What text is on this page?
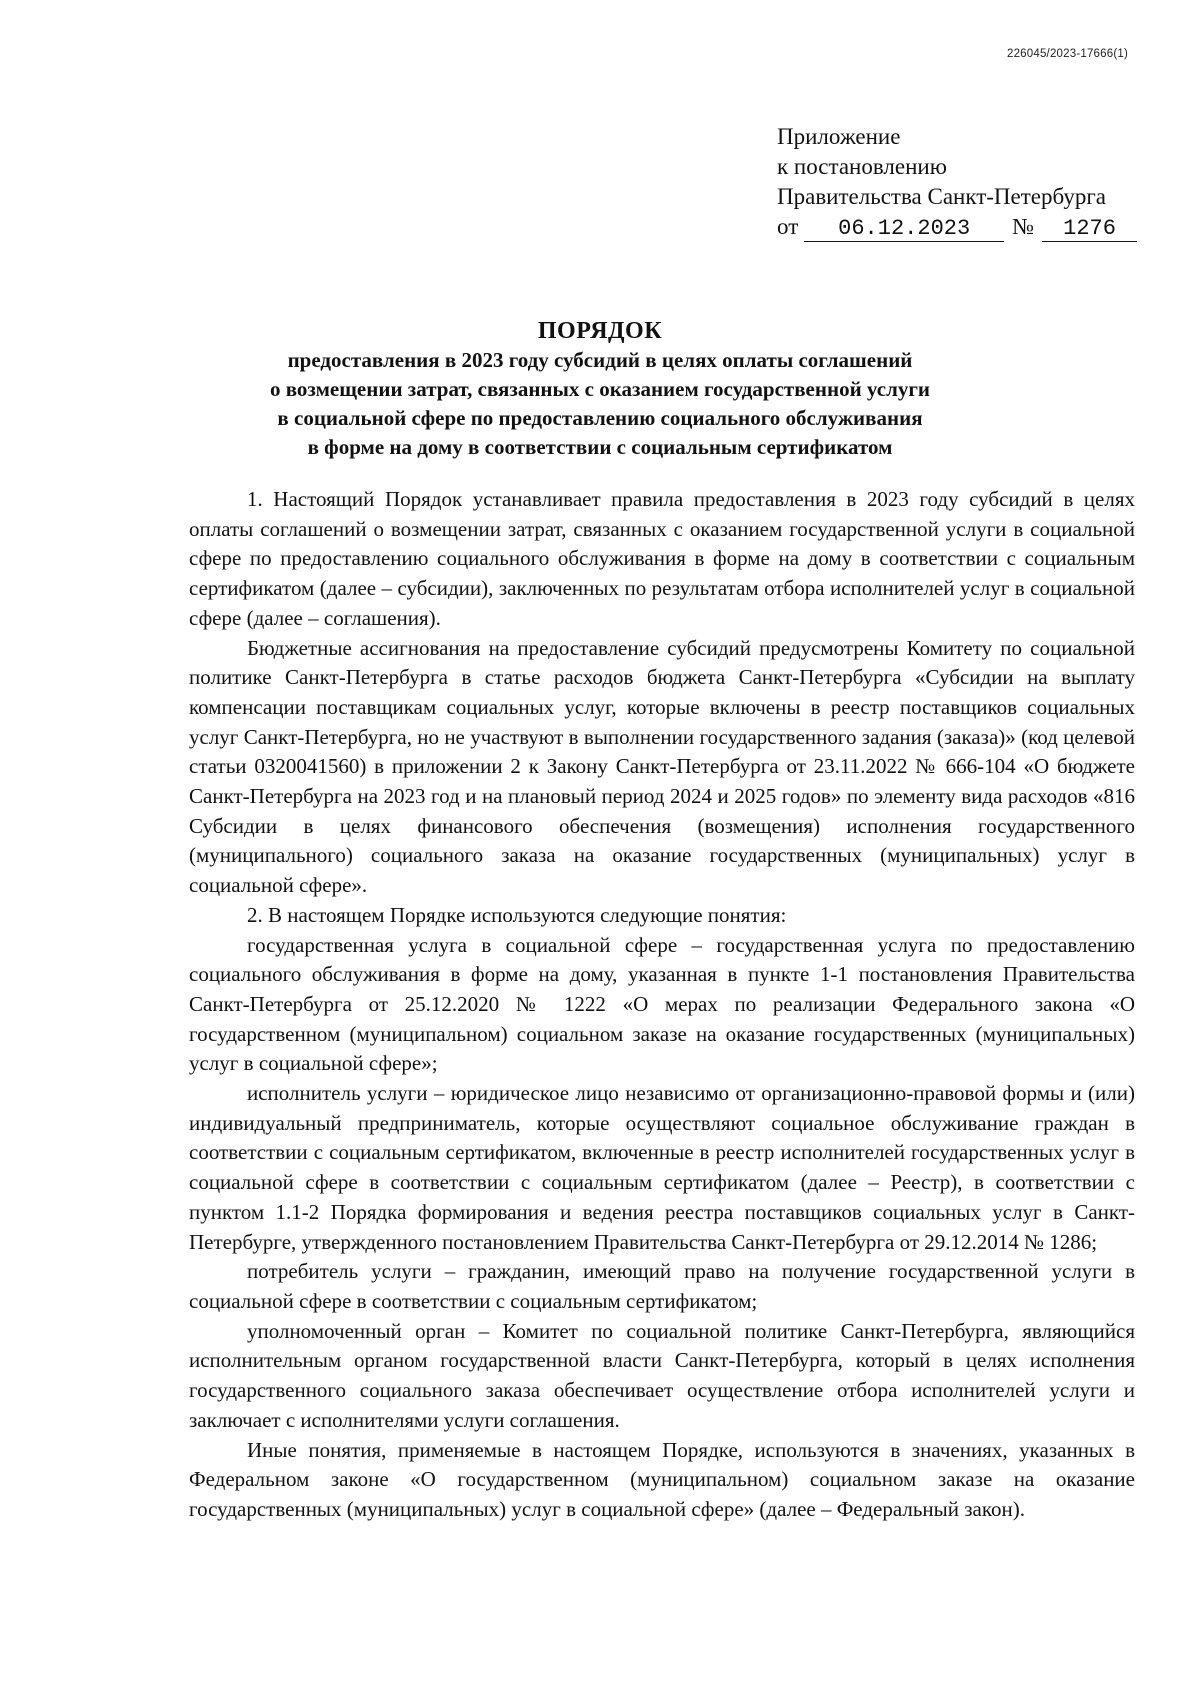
226045/2023-17666(1)
Приложение
к постановлению
Правительства Санкт-Петербурга
от	06.12.2023	№	1276
ПОРЯДОК
предоставления в 2023 году субсидий в целях оплаты соглашений
о возмещении затрат, связанных с оказанием государственной услуги
в социальной сфере по предоставлению социального обслуживания
в форме на дому в соответствии с социальным сертификатом

1. Настоящий Порядок устанавливает правила предоставления в 2023 году субсидий в целях оплаты соглашений о возмещении затрат, связанных с оказанием государственной услуги в социальной сфере по предоставлению социального обслуживания в форме на дому в соответствии с социальным сертификатом (далее – субсидии), заключенных по результатам отбора исполнителей услуг в социальной сфере (далее – соглашения).

Бюджетные ассигнования на предоставление субсидий предусмотрены Комитету по социальной политике Санкт-Петербурга в статье расходов бюджета Санкт-Петербурга «Субсидии на выплату компенсации поставщикам социальных услуг, которые включены в реестр поставщиков социальных услуг Санкт-Петербурга, но не участвуют в выполнении государственного задания (заказа)» (код целевой статьи 0320041560) в приложении 2 к Закону Санкт-Петербурга от 23.11.2022 № 666-104 «О бюджете Санкт-Петербурга на 2023 год и на плановый период 2024 и 2025 годов» по элементу вида расходов «816 Субсидии в целях финансового обеспечения (возмещения) исполнения государственного (муниципального) социального заказа на оказание государственных (муниципальных) услуг в социальной сфере».

2. В настоящем Порядке используются следующие понятия:

государственная услуга в социальной сфере – государственная услуга по предоставлению социального обслуживания в форме на дому, указанная в пункте 1-1 постановления Правительства Санкт-Петербурга от 25.12.2020 № 1222 «О мерах по реализации Федерального закона «О государственном (муниципальном) социальном заказе на оказание государственных (муниципальных) услуг в социальной сфере»;

исполнитель услуги – юридическое лицо независимо от организационно-правовой формы и (или) индивидуальный предприниматель, которые осуществляют социальное обслуживание граждан в соответствии с социальным сертификатом, включенные в реестр исполнителей государственных услуг в социальной сфере в соответствии с социальным сертификатом (далее – Реестр), в соответствии с пунктом 1.1-2 Порядка формирования и ведения реестра поставщиков социальных услуг в Санкт-Петербурге, утвержденного постановлением Правительства Санкт-Петербурга от 29.12.2014 № 1286;

потребитель услуги – гражданин, имеющий право на получение государственной услуги в социальной сфере в соответствии с социальным сертификатом;

уполномоченный орган – Комитет по социальной политике Санкт-Петербурга, являющийся исполнительным органом государственной власти Санкт-Петербурга, который в целях исполнения государственного социального заказа обеспечивает осуществление отбора исполнителей услуги и заключает с исполнителями услуги соглашения.

Иные понятия, применяемые в настоящем Порядке, используются в значениях, указанных в Федеральном законе «О государственном (муниципальном) социальном заказе на оказание государственных (муниципальных) услуг в социальной сфере» (далее – Федеральный закон).
